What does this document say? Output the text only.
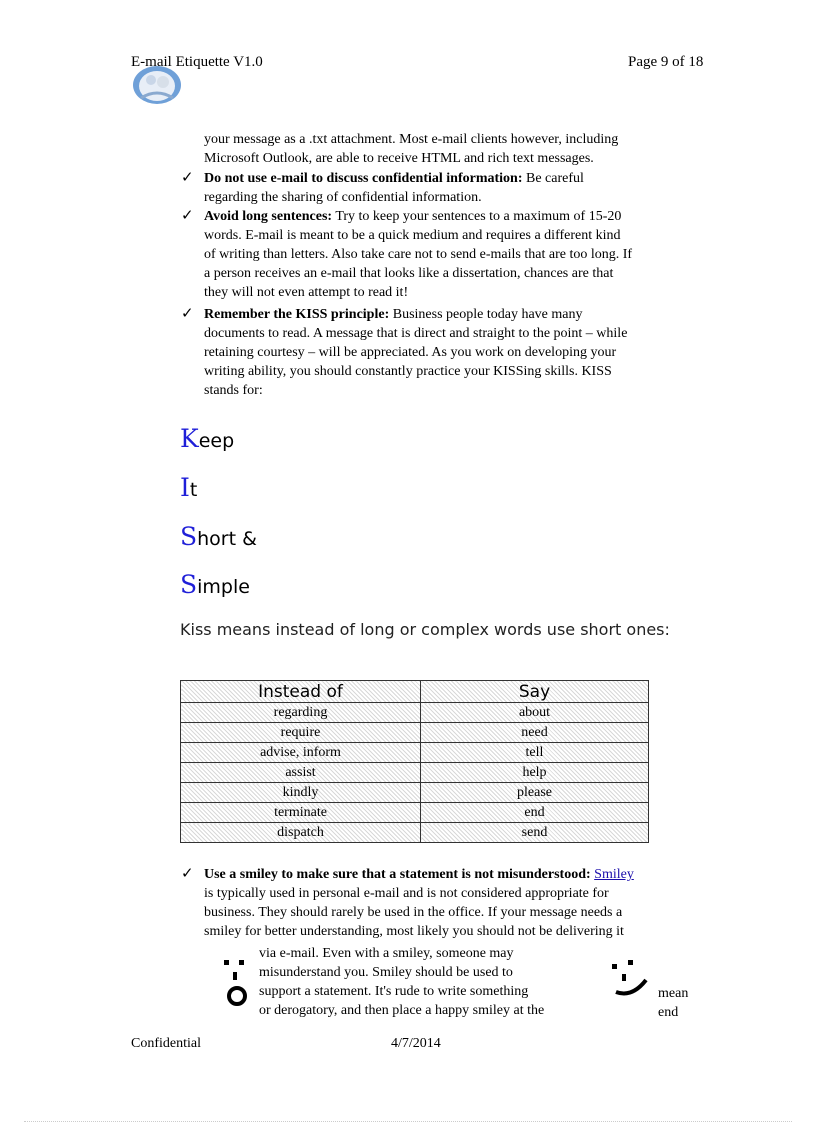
E-mail Etiquette V1.0	Page 9 of 18
your message as a .txt attachment. Most e-mail clients however, including
Microsoft Outlook, are able to receive HTML and rich text messages.
✓ Do not use e-mail to discuss confidential information: Be careful
regarding the sharing of confidential information.
✓ Avoid long sentences: Try to keep your sentences to a maximum of 15-20
words. E-mail is meant to be a quick medium and requires a different kind
of writing than letters. Also take care not to send e-mails that are too long. If
a person receives an e-mail that looks like a dissertation, chances are that
they will not even attempt to read it!
✓ Remember the KISS principle: Business people today have many
documents to read. A message that is direct and straight to the point – while
retaining courtesy – will be appreciated. As you work on developing your
writing ability, you should constantly practice your KISSing skills. KISS
stands for:
Keep
It
Short &
Simple
Kiss means instead of long or complex words use short ones:
Instead of	Say
regarding	about
require	need
advise, inform	tell
assist	help
kindly	please
terminate	end
dispatch	send
✓ Use a smiley to make sure that a statement is not misunderstood: Smiley
is typically used in personal e-mail and is not considered appropriate for
business. They should rarely be used in the office. If your message needs a
smiley for better understanding, most likely you should not be delivering it
via e-mail. Even with a smiley, someone may
misunderstand you. Smiley should be used to
support a statement. It's rude to write something
or derogatory, and then place a happy smiley at the
mean
end
Confidential	4/7/2014
